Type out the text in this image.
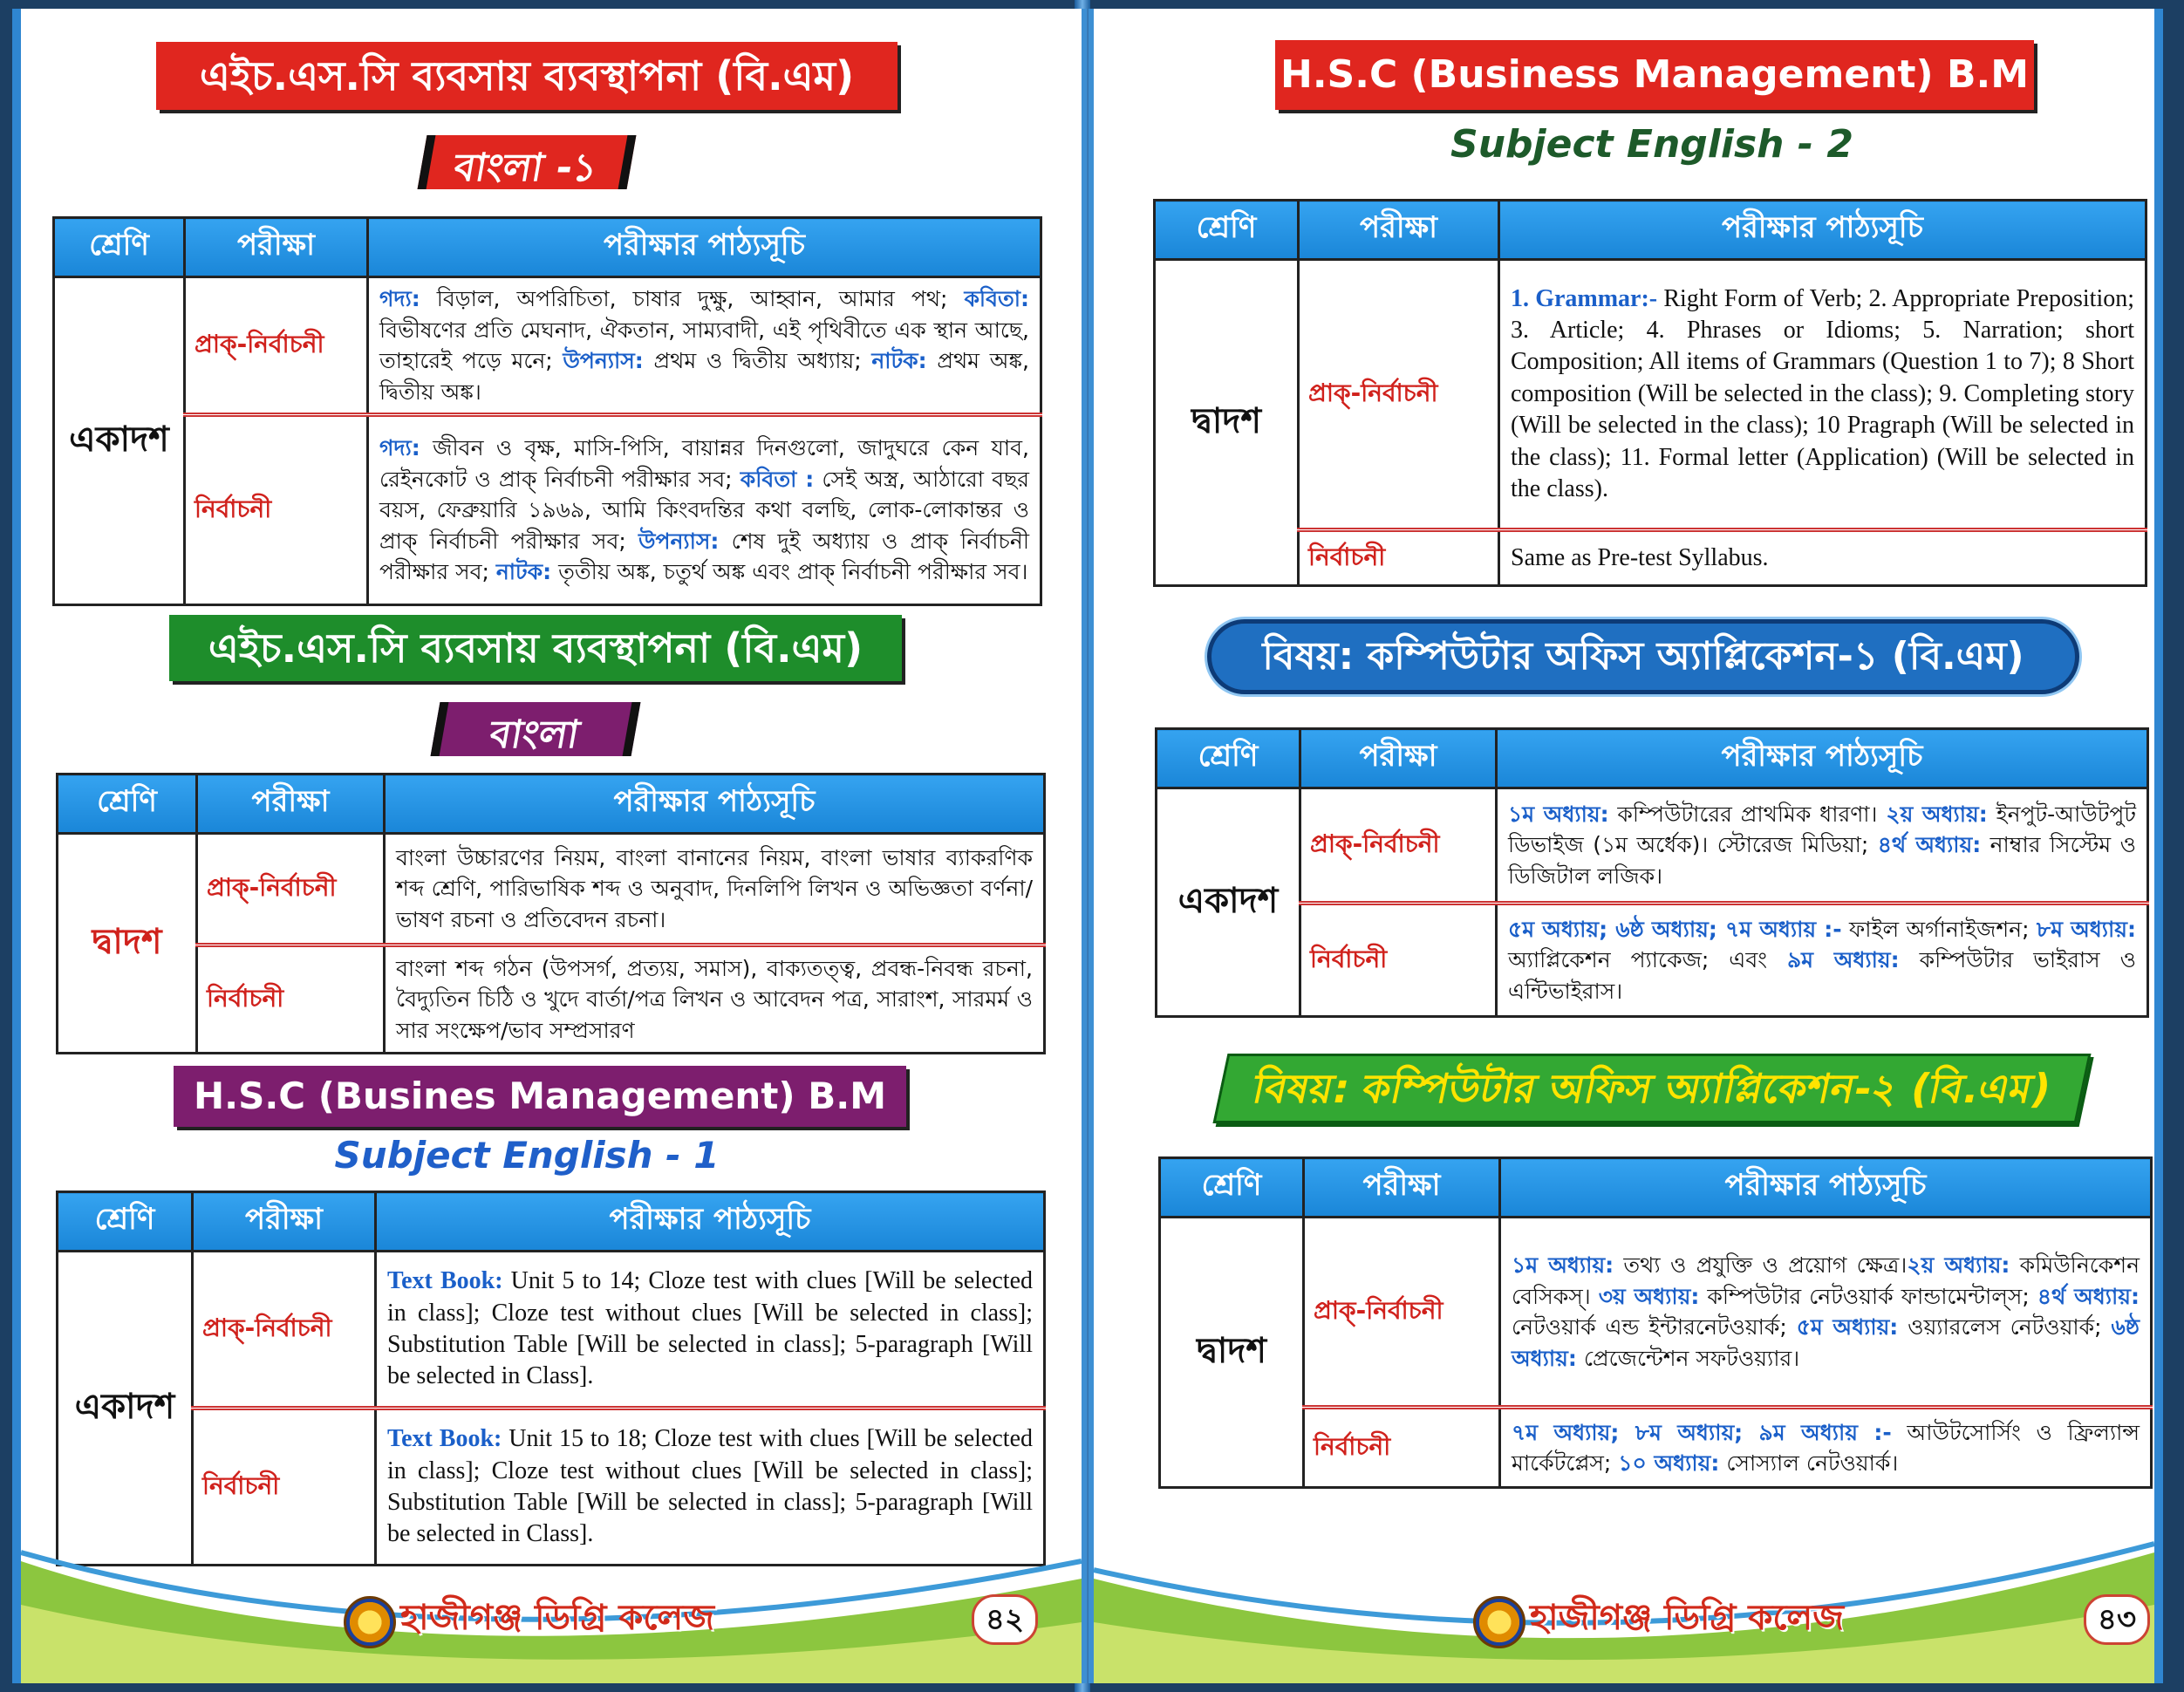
এইচ.এস.সি ব্যবসায় ব্যবস্থাপনা (বি.এম)
বাংলা -১
শ্রেণি	পরীক্ষা	পরীক্ষার পাঠ্যসূচি
একাদশ	প্রাক্-নির্বাচনী	গদ্য: বিড়াল, অপরিচিতা, চাষার দুক্ষু, আহ্বান, আমার পথ; কবিতা: বিভীষণের প্রতি মেঘনাদ, ঐকতান, সাম্যবাদী, এই পৃথিবীতে এক স্থান আছে, তাহারেই পড়ে মনে; উপন্যাস: প্রথম ও দ্বিতীয় অধ্যায়; নাটক: প্রথম অঙ্ক, দ্বিতীয় অঙ্ক।
	নির্বাচনী	গদ্য: জীবন ও বৃক্ষ, মাসি-পিসি, বায়ান্নর দিনগুলো, জাদুঘরে কেন যাব, রেইনকোট ও প্রাক্ নির্বাচনী পরীক্ষার সব; কবিতা : সেই অস্ত্র, আঠারো বছর বয়স, ফেব্রুয়ারি ১৯৬৯, আমি কিংবদন্তির কথা বলছি, লোক-লোকান্তর ও প্রাক্ নির্বাচনী পরীক্ষার সব; উপন্যাস: শেষ দুই অধ্যায় ও প্রাক্ নির্বাচনী পরীক্ষার সব; নাটক: তৃতীয় অঙ্ক, চতুর্থ অঙ্ক এবং প্রাক্ নির্বাচনী পরীক্ষার সব।
এইচ.এস.সি ব্যবসায় ব্যবস্থাপনা (বি.এম)
বাংলা
শ্রেণি	পরীক্ষা	পরীক্ষার পাঠ্যসূচি
দ্বাদশ	প্রাক্-নির্বাচনী	বাংলা উচ্চারণের নিয়ম, বাংলা বানানের নিয়ম, বাংলা ভাষার ব্যাকরণিক শব্দ শ্রেণি, পারিভাষিক শব্দ ও অনুবাদ, দিনলিপি লিখন ও অভিজ্ঞতা বর্ণনা/ভাষণ রচনা ও প্রতিবেদন রচনা।
	নির্বাচনী	বাংলা শব্দ গঠন (উপসর্গ, প্রত্যয়, সমাস), বাক্যতত্ত্ব, প্রবন্ধ-নিবন্ধ রচনা, বৈদ্যুতিন চিঠি ও খুদে বার্তা/পত্র লিখন ও আবেদন পত্র, সারাংশ, সারমর্ম ও সার সংক্ষেপ/ভাব সম্প্রসারণ
H.S.C (Busines Management) B.M
Subject English - 1
শ্রেণি	পরীক্ষা	পরীক্ষার পাঠ্যসূচি
একাদশ	প্রাক্-নির্বাচনী	Text Book: Unit 5 to 14; Cloze test with clues [Will be selected in class]; Cloze test without clues [Will be selected in class]; Substitution Table [Will be selected in class]; 5-paragraph [Will be selected in Class].
	নির্বাচনী	Text Book: Unit 15 to 18; Cloze test with clues [Will be selected in class]; Cloze test without clues [Will be selected in class]; Substitution Table [Will be selected in class]; 5-paragraph [Will be selected in Class].
হাজীগঞ্জ ডিগ্রি কলেজ	৪২
H.S.C (Business Management) B.M
Subject English - 2
শ্রেণি	পরীক্ষা	পরীক্ষার পাঠ্যসূচি
দ্বাদশ	প্রাক্-নির্বাচনী	1. Grammar:- Right Form of Verb; 2. Appropriate Preposition; 3. Article; 4. Phrases or Idioms; 5. Narration; short Composition; All items of Grammars (Question 1 to 7); 8 Short composition (Will be selected in the class); 9. Completing story (Will be selected in the class); 10 Pragraph (Will be selected in the class); 11. Formal letter (Application) (Will be selected in the class).
	নির্বাচনী	Same as Pre-test Syllabus.
বিষয়: কম্পিউটার অফিস অ্যাপ্লিকেশন-১ (বি.এম)
শ্রেণি	পরীক্ষা	পরীক্ষার পাঠ্যসূচি
একাদশ	প্রাক্-নির্বাচনী	১ম অধ্যায়: কম্পিউটারের প্রাথমিক ধারণা। ২য় অধ্যায়: ইনপুট-আউটপুট ডিভাইজ (১ম অর্ধেক)। স্টোরেজ মিডিয়া; ৪র্থ অধ্যায়: নাম্বার সিস্টেম ও ডিজিটাল লজিক।
	নির্বাচনী	৫ম অধ্যায়; ৬ষ্ঠ অধ্যায়; ৭ম অধ্যায় :- ফাইল অর্গানাইজশন; ৮ম অধ্যায়: অ্যাপ্লিকেশন প্যাকেজ; এবং ৯ম অধ্যায়: কম্পিউটার ভাইরাস ও এন্টিভাইরাস।
বিষয়: কম্পিউটার অফিস অ্যাপ্লিকেশন-২ (বি.এম)
শ্রেণি	পরীক্ষা	পরীক্ষার পাঠ্যসূচি
দ্বাদশ	প্রাক্-নির্বাচনী	১ম অধ্যায়: তথ্য ও প্রযুক্তি ও প্রয়োগ ক্ষেত্র।২য় অধ্যায়: কমিউনিকেশন বেসিকস্। ৩য় অধ্যায়: কম্পিউটার নেটওয়ার্ক ফান্ডামেন্টাল্‌স; ৪র্থ অধ্যায়: নেটওয়ার্ক এন্ড ইন্টারনেটওয়ার্ক; ৫ম অধ্যায়: ওয়্যারলেস নেটওয়ার্ক; ৬ষ্ঠ অধ্যায়: প্রেজেন্টেশন সফটওয়্যার।
	নির্বাচনী	৭ম অধ্যায়; ৮ম অধ্যায়; ৯ম অধ্যায় :- আউটসোর্সিং ও ফ্রিল্যান্স মার্কেটপ্লেস; ১০ অধ্যায়: সোস্যাল নেটওয়ার্ক।
হাজীগঞ্জ ডিগ্রি কলেজ	৪৩
